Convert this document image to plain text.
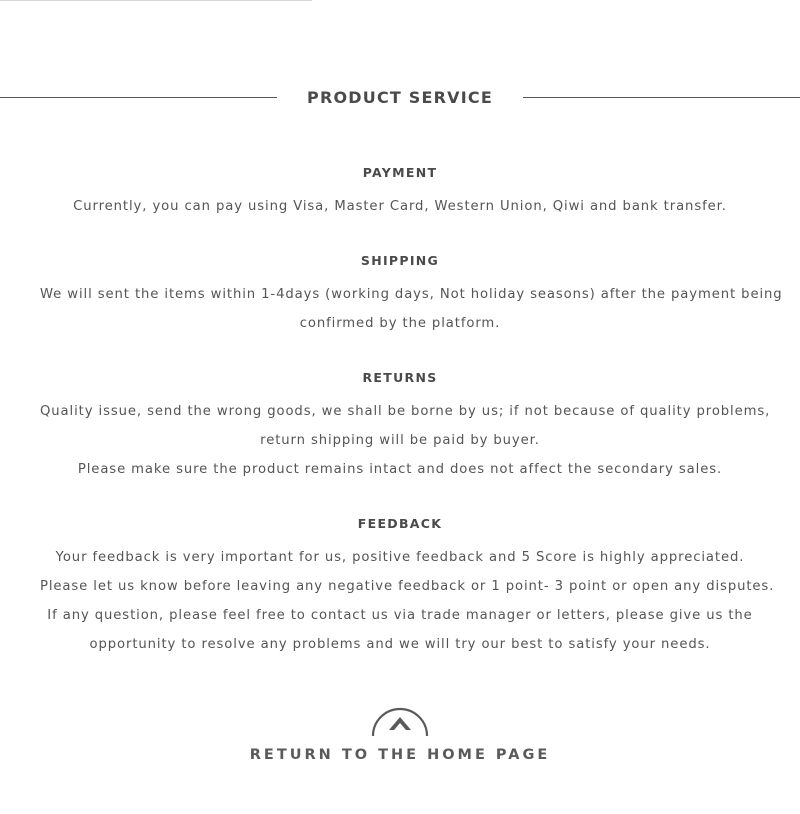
PRODUCT SERVICE
PAYMENT
Currently, you can pay using Visa, Master Card, Western Union, Qiwi and bank transfer.
SHIPPING
We will sent the items within 1-4days (working days, Not holiday seasons) after the payment being
confirmed by the platform.
RETURNS
Quality issue, send the wrong goods, we shall be borne by us; if not because of quality problems,
return shipping will be paid by buyer.
Please make sure the product remains intact and does not affect the secondary sales.
FEEDBACK
Your feedback is very important for us, positive feedback and 5 Score is highly appreciated.
Please let us know before leaving any negative feedback or 1 point- 3 point or open any disputes.
If any question, please feel free to contact us via trade manager or letters, please give us the
opportunity to resolve any problems and we will try our best to satisfy your needs.
RETURN TO THE HOME PAGE
